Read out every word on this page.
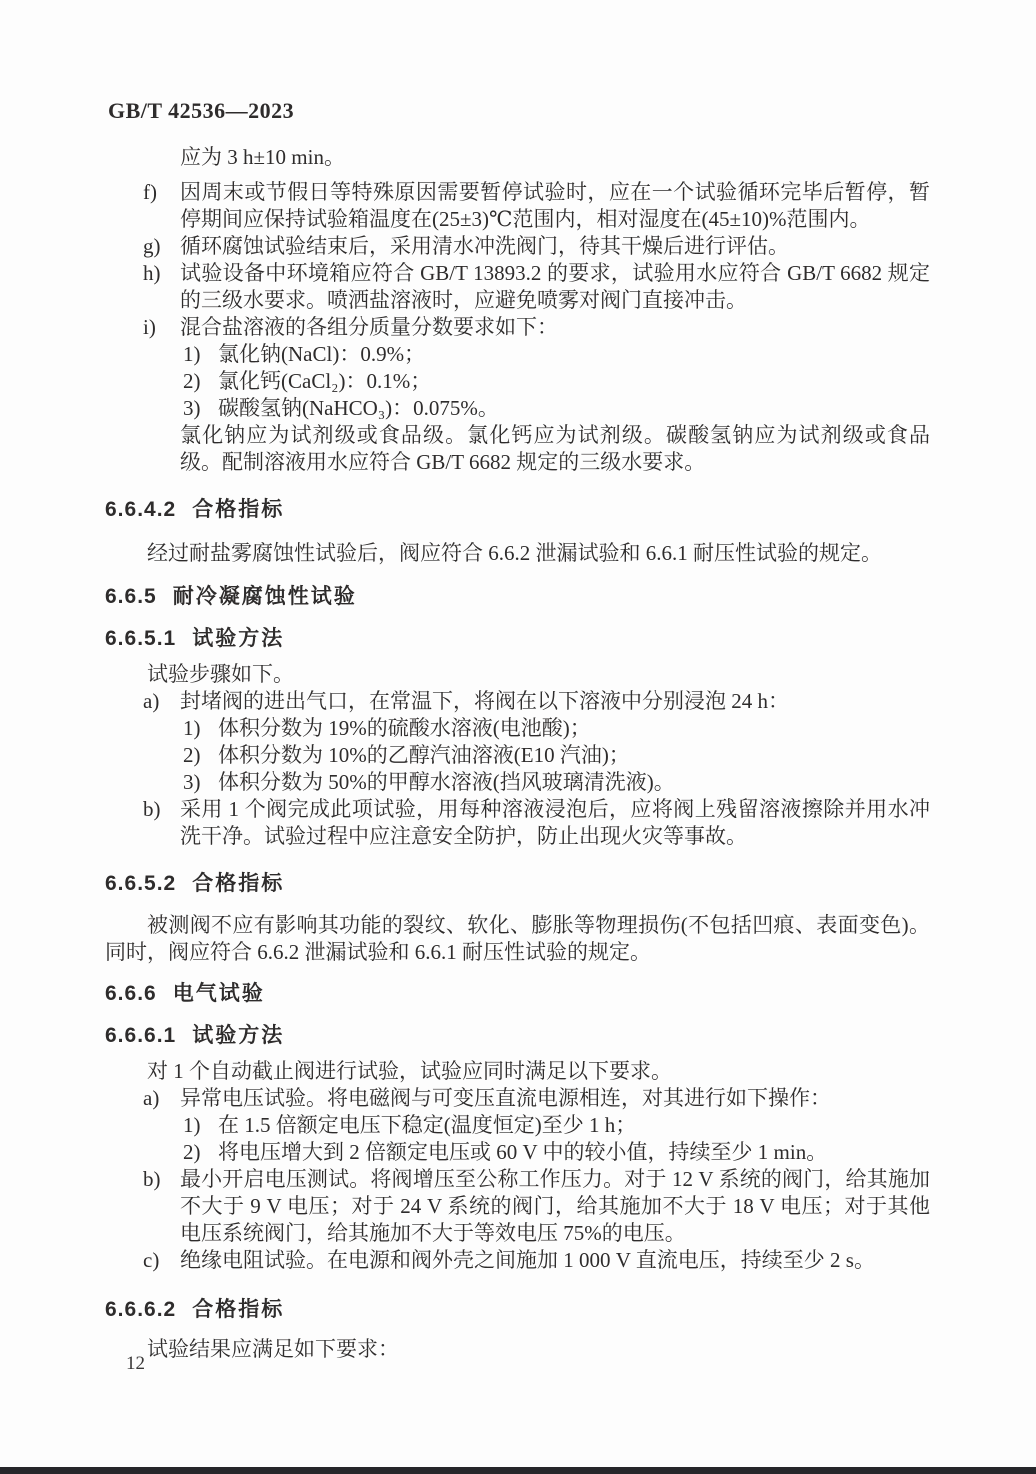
GB/T 42536—2023

应为 3 h±10 min。

f)	因周末或节假日等特殊原因需要暂停试验时，应在一个试验循环完毕后暂停，暂停期间应保持试验箱温度在(25±3)℃范围内，相对湿度在(45±10)%范围内。
g) 循环腐蚀试验结束后，采用清水冲洗阀门，待其干燥后进行评估。
h) 试验设备中环境箱应符合 GB/T 13893.2 的要求，试验用水应符合 GB/T 6682 规定的三级水要求。喷洒盐溶液时，应避免喷雾对阀门直接冲击。
i)	混合盐溶液的各组分质量分数要求如下：
1) 氯化钠(NaCl)：0.9%；
2) 氯化钙(CaCl₂)：0.1%；
3) 碳酸氢钠(NaHCO₃)：0.075%。

氯化钠应为试剂级或食品级。氯化钙应为试剂级。碳酸氢钠应为试剂级或食品级。配制溶液用水应符合 GB/T 6682 规定的三级水要求。

6.6.4.2 合格指标

经过耐盐雾腐蚀性试验后，阀应符合 6.6.2 泄漏试验和 6.6.1 耐压性试验的规定。

6.6.5 耐冷凝腐蚀性试验
6.6.5.1 试验方法

试验步骤如下。

a) 封堵阀的进出气口，在常温下，将阀在以下溶液中分别浸泡 24 h：
1) 体积分数为 19%的硫酸水溶液(电池酸)；
2) 体积分数为 10%的乙醇汽油溶液(E10 汽油)；
3) 体积分数为 50%的甲醇水溶液(挡风玻璃清洗液)。
b) 采用 1 个阀完成此项试验，用每种溶液浸泡后，应将阀上残留溶液擦除并用水冲洗干净。试验过程中应注意安全防护，防止出现火灾等事故。
6.6.5.2 合格指标

被测阀不应有影响其功能的裂纹、软化、膨胀等物理损伤(不包括凹痕、表面变色)。同时，阀应符合 6.6.2 泄漏试验和 6.6.1 耐压性试验的规定。

6.6.6 电气试验
6.6.6.1 试验方法

对 1 个自动截止阀进行试验，试验应同时满足以下要求。

a) 异常电压试验。将电磁阀与可变压直流电源相连，对其进行如下操作：
1) 在 1.5 倍额定电压下稳定(温度恒定)至少 1 h；
2) 将电压增大到 2 倍额定电压或 60 V 中的较小值，持续至少 1 min。
b) 最小开启电压测试。将阀增压至公称工作压力。对于 12 V 系统的阀门，给其施加不大于 9 V 电压；对于 24 V 系统的阀门，给其施加不大于 18 V 电压；对于其他电压系统阀门，给其施加不大于等效电压 75%的电压。
c) 绝缘电阻试验。在电源和阀外壳之间施加 1 000 V 直流电压，持续至少 2 s。
6.6.6.2 合格指标

试验结果应满足如下要求：

12
